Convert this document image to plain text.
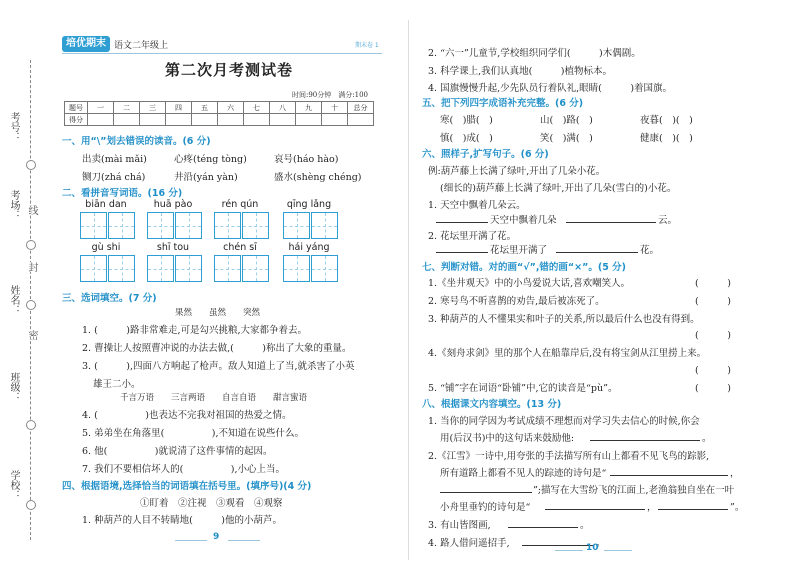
考号：
考场：
姓名：
班级：
学校：
线
封
密
培优期末 语文二年级上	期末卷 1
第二次月考测试卷
时间:90分钟　满分:100
题号	一	二	三	四	五	六	七	八	九	十	总分
得分											
一、用“\”划去错误的读音。(6 分)
出卖(mài mǎi)	心疼(téng tòng)	哀号(háo hào)
铡刀(zhá chá)	井沿(yán yàn)	盛水(shèng chéng)
二、看拼音写词语。(16 分)
biān dan	huā pào	rén qún	qīng lǎng
gù shi	shī tou	chén sī	hái yáng
三、选词填空。(7 分)
果然　　虽然　　突然
1. (　　　)路非常难走,可是勾兴挑粮,大家都争着去。
2. 曹操让人按照曹冲说的办法去做,(　　　)称出了大象的重量。
3. (　　　),四面八方响起了枪声。敌人知道上了当,就杀害了小英
雄王二小。
千言万语　　三言两语　　自言自语　　甜言蜜语
4. (　　　　　)也表达不完我对祖国的热爱之情。
5. 弟弟坐在角落里(　　　　　),不知道在说些什么。
6. 他(　　　　　)就说清了这件事情的起因。
7. 我们不要相信坏人的(　　　　　),小心上当。
四、根据语境,选择恰当的词语填在括号里。(填序号)(4 分)
①盯着　②注视　③观看　④观察
1. 种葫芦的人目不转睛地(　　　)他的小葫芦。
9
2. “六一”儿童节,学校组织同学们(　　　)木偶剧。
3. 科学课上,我们认真地(　　　)植物标本。
4. 国旗慢慢升起,少先队员行着队礼,眼睛(　　　)着国旗。
五、把下列四字成语补充完整。(6 分)
寒(　)腊(　)	山(　)路(　)	夜暮(　)(　)
慎(　)成(　)	笑(　)满(　)	健康(　)(　)
六、照样子,扩写句子。(6 分)
例:葫芦藤上长满了绿叶,开出了几朵小花。
(细长的)葫芦藤上长满了绿叶,开出了几朵(雪白的)小花。
1. 天空中飘着几朵云。
天空中飘着几朵	云。
2. 花坛里开满了花。
花坛里开满了	花。
七、判断对错。对的画“√”,错的画“×”。(5 分)
1.《坐井观天》中的小鸟爱说大话,喜欢嘲笑人。	(　　　)
2. 寒号鸟不听喜鹊的劝告,最后被冻死了。	(　　　)
3. 种葫芦的人不懂果实和叶子的关系,所以最后什么也没有得到。
(　　　)
4.《刻舟求剑》里的那个人在船靠岸后,没有将宝剑从江里捞上来。
(　　　)
5. “铺”字在词语“卧铺”中,它的读音是“pù”。	(　　　)
八、根据课文内容填空。(13 分)
1. 当你的同学因为考试成绩不理想而对学习失去信心的时候,你会
用(后汉书)中的这句话来鼓励他:	。
2.《江雪》一诗中,用夸张的手法描写所有山上都看不见飞鸟的踪影,
所有道路上都看不见人的踪迹的诗句是“	，
”;描写在大雪纷飞的江面上,老渔翁独自坐在一叶
小舟里垂钓的诗句是“	，	”。
3. 有山皆图画,	。
4. 路人借问遥招手,	。
10
